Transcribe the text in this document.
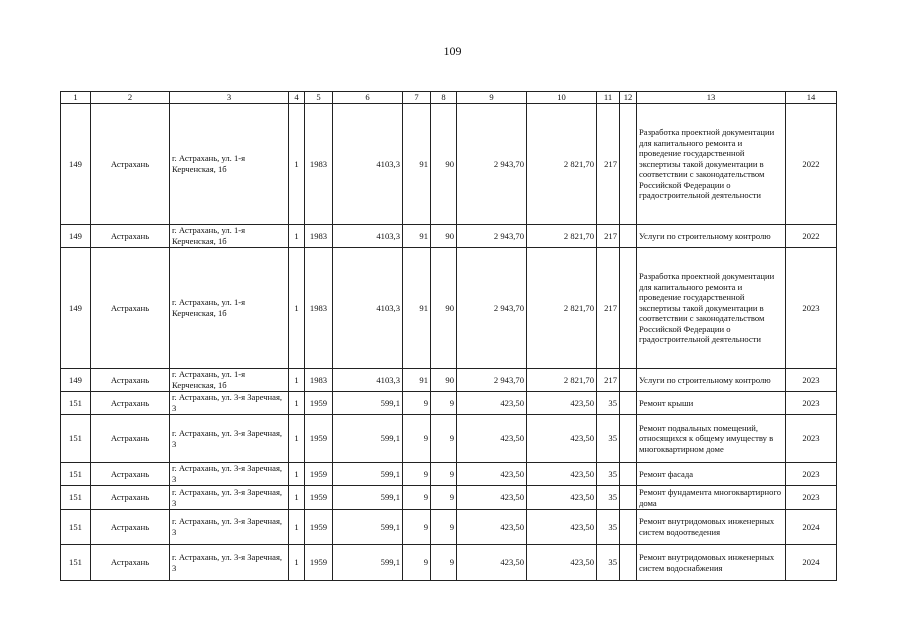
109
1	2	3	4	5	6	7	8	9	10	11	12	13	14
149	Астрахань	г. Астрахань, ул. 1-я Керченская, 1б	1	1983	4103,3	91	90	2 943,70	2 821,70	217		Разработка проектной документации для капитального ремонта и проведение государственной экспертизы такой документации в соответствии с законодательством Российской Федерации о градостроительной деятельности	2022
149	Астрахань	г. Астрахань, ул. 1-я Керченская, 1б	1	1983	4103,3	91	90	2 943,70	2 821,70	217		Услуги по строительному контролю	2022
149	Астрахань	г. Астрахань, ул. 1-я Керченская, 1б	1	1983	4103,3	91	90	2 943,70	2 821,70	217		Разработка проектной документации для капитального ремонта и проведение государственной экспертизы такой документации в соответствии с законодательством Российской Федерации о градостроительной деятельности	2023
149	Астрахань	г. Астрахань, ул. 1-я Керченская, 1б	1	1983	4103,3	91	90	2 943,70	2 821,70	217		Услуги по строительному контролю	2023
151	Астрахань	г. Астрахань, ул. 3-я Заречная, 3	1	1959	599,1	9	9	423,50	423,50	35		Ремонт крыши	2023
151	Астрахань	г. Астрахань, ул. 3-я Заречная, 3	1	1959	599,1	9	9	423,50	423,50	35		Ремонт подвальных помещений, относящихся к общему имуществу в многоквартирном доме	2023
151	Астрахань	г. Астрахань, ул. 3-я Заречная, 3	1	1959	599,1	9	9	423,50	423,50	35		Ремонт фасада	2023
151	Астрахань	г. Астрахань, ул. 3-я Заречная, 3	1	1959	599,1	9	9	423,50	423,50	35		Ремонт фундамента многоквартирного дома	2023
151	Астрахань	г. Астрахань, ул. 3-я Заречная, 3	1	1959	599,1	9	9	423,50	423,50	35		Ремонт внутридомовых инженерных систем водоотведения	2024
151	Астрахань	г. Астрахань, ул. 3-я Заречная, 3	1	1959	599,1	9	9	423,50	423,50	35		Ремонт внутридомовых инженерных систем водоснабжения	2024
